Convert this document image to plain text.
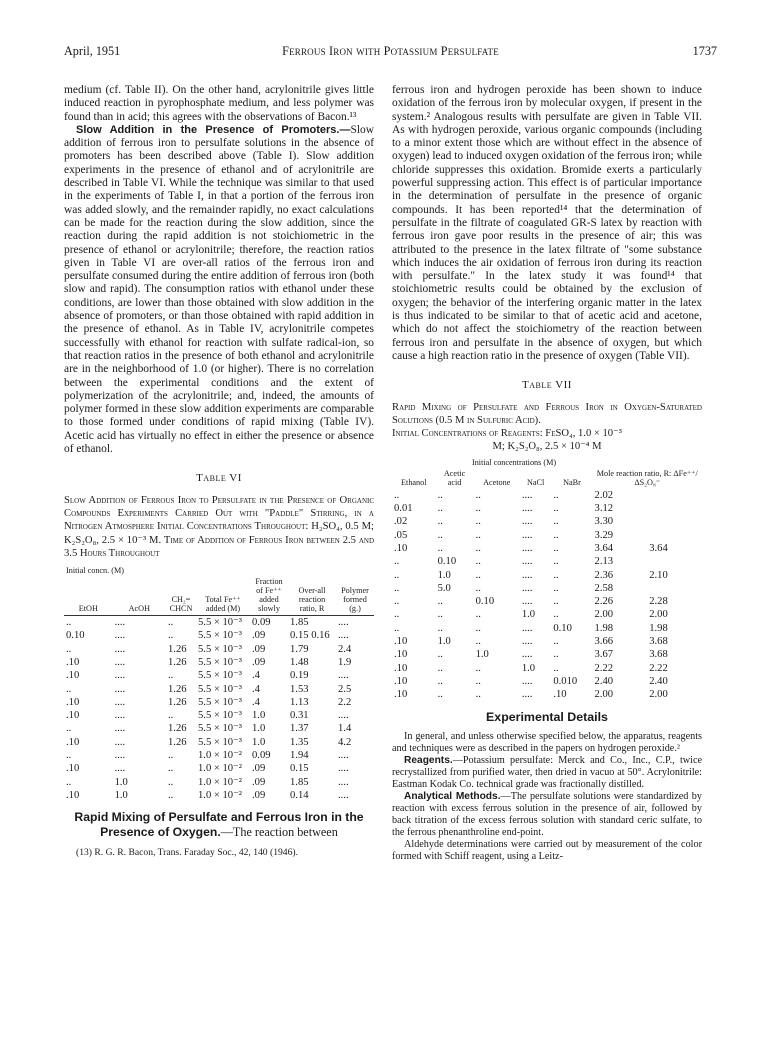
April, 1951	Ferrous Iron with Potassium Persulfate	1737

medium (cf. Table II). On the other hand, acrylonitrile gives little induced reaction in pyrophosphate medium, and less polymer was found than in acid; this agrees with the observations of Bacon.¹³

Slow Addition in the Presence of Promoters.—Slow addition of ferrous iron to persulfate solutions in the absence of promoters has been described above (Table I). Slow addition experiments in the presence of ethanol and of acrylonitrile are described in Table VI. While the technique was similar to that used in the experiments of Table I, in that a portion of the ferrous iron was added slowly, and the remainder rapidly, no exact calculations can be made for the reaction during the slow addition, since the reaction during the rapid addition is not stoichiometric in the presence of ethanol or acrylonitrile; therefore, the reaction ratios given in Table VI are over-all ratios of the ferrous iron and persulfate consumed during the entire addition of ferrous iron (both slow and rapid). The consumption ratios with ethanol under these conditions, are lower than those obtained with slow addition in the absence of promoters, or than those obtained with rapid addition in the presence of ethanol. As in Table IV, acrylonitrile competes successfully with ethanol for reaction with sulfate radical-ion, so that reaction ratios in the presence of both ethanol and acrylonitrile are in the neighborhood of 1.0 (or higher). There is no correlation between the experimental conditions and the extent of polymerization of the acrylonitrile; and, indeed, the amounts of polymer formed in these slow addition experiments are comparable to those formed under conditions of rapid mixing (Table IV). Acetic acid has virtually no effect in either the presence or absence of ethanol.

Table VI

Slow Addition of Ferrous Iron to Persulfate in the Presence of Organic Compounds Experiments Carried Out with "Paddle" Stirring, in a Nitrogen Atmosphere Initial Concentrations Throughout: H₂SO₄, 0.5 M; K₂S₂O₈, 2.5 × 10⁻³ M. Time of Addition of Ferrous Iron between 2.5 and 3.5 Hours Throughout

Initial concn. (M)						
EtOH	AcOH	CH₂= CHCN	Total Fe⁺⁺ added (M)	Fraction of Fe⁺⁺ added slowly	Over-all reaction ratio, R	Polymer formed (g.)
..	....	..	5.5 × 10⁻³	0.09	1.85	....
0.10	....	..	5.5 × 10⁻³	.09	0.15 0.16	....
..	....	1.26	5.5 × 10⁻³	.09	1.79	2.4
.10	....	1.26	5.5 × 10⁻³	.09	1.48	1.9
.10	....	..	5.5 × 10⁻³	.4	0.19	....
..	....	1.26	5.5 × 10⁻³	.4	1.53	2.5
.10	....	1.26	5.5 × 10⁻³	.4	1.13	2.2
.10	....	..	5.5 × 10⁻³	1.0	0.31	....
..	....	1.26	5.5 × 10⁻³	1.0	1.37	1.4
.10	....	1.26	5.5 × 10⁻³	1.0	1.35	4.2
..	....	..	1.0 × 10⁻²	0.09	1.94	....
.10	....	..	1.0 × 10⁻²	.09	0.15	....
..	1.0	..	1.0 × 10⁻²	.09	1.85	....
.10	1.0	..	1.0 × 10⁻²	.09	0.14	....
Rapid Mixing of Persulfate and Ferrous Iron in the Presence of Oxygen.—The reaction between

(13) R. G. R. Bacon, Trans. Faraday Soc., 42, 140 (1946).

ferrous iron and hydrogen peroxide has been shown to induce oxidation of the ferrous iron by molecular oxygen, if present in the system.² Analogous results with persulfate are given in Table VII. As with hydrogen peroxide, various organic compounds (including to a minor extent those which are without effect in the absence of oxygen) lead to induced oxygen oxidation of the ferrous iron; while chloride suppresses this oxidation. Bromide exerts a particularly powerful suppressing action. This effect is of particular importance in the determination of persulfate in the presence of organic compounds. It has been reported¹⁴ that the determination of persulfate in the filtrate of coagulated GR-S latex by reaction with ferrous iron gave poor results in the presence of air; this was attributed to the presence in the latex filtrate of "some substance which induces the air oxidation of ferrous iron during its reaction with persulfate." In the latex study it was found¹⁴ that stoichiometric results could be obtained by the exclusion of oxygen; the behavior of the interfering organic matter in the latex is thus indicated to be similar to that of acetic acid and acetone, which do not affect the stoichiometry of the reaction between ferrous iron and persulfate in the absence of oxygen, but which cause a high reaction ratio in the presence of oxygen (Table VII).

Table VII

Rapid Mixing of Persulfate and Ferrous Iron in Oxygen-Saturated Solutions (0.5 M in Sulfuric Acid).

Initial Concentrations of Reagents: FeSO₄, 1.0 × 10⁻³

M; K₂S₂O₈, 2.5 × 10⁻⁴ M

	Initial concentrations (M)					
Ethanol	Acetic acid	Acetone	NaCl	NaBr	Mole reaction ratio, R: ΔFe⁺⁺/ ΔS₂O₈⁼	
..	..	..	....	..	2.02	
0.01	..	..	....	..	3.12	
.02	..	..	....	..	3.30	
.05	..	..	....	..	3.29	
.10	..	..	....	..	3.64	3.64
..	0.10	..	....	..	2.13	
..	1.0	..	....	..	2.36	2.10
..	5.0	..	....	..	2.58	
..	..	0.10	....	..	2.26	2.28
..	..	..	1.0	..	2.00	2.00
..	..	..	....	0.10	1.98	1.98
.10	1.0	..	....	..	3.66	3.68
.10	..	1.0	....	..	3.67	3.68
.10	..	..	1.0	..	2.22	2.22
.10	..	..	....	0.010	2.40	2.40
.10	..	..	....	.10	2.00	2.00
Experimental Details

In general, and unless otherwise specified below, the apparatus, reagents and techniques were as described in the papers on hydrogen peroxide.²

Reagents.—Potassium persulfate: Merck and Co., Inc., C.P., twice recrystallized from purified water, then dried in vacuo at 50°. Acrylonitrile: Eastman Kodak Co. technical grade was fractionally distilled.

Analytical Methods.—The persulfate solutions were standardized by reaction with excess ferrous solution in the presence of air, followed by back titration of the excess ferrous solution with standard ceric sulfate, to the ferrous phenanthroline end-point.

Aldehyde determinations were carried out by measurement of the color formed with Schiff reagent, using a Leitz-
